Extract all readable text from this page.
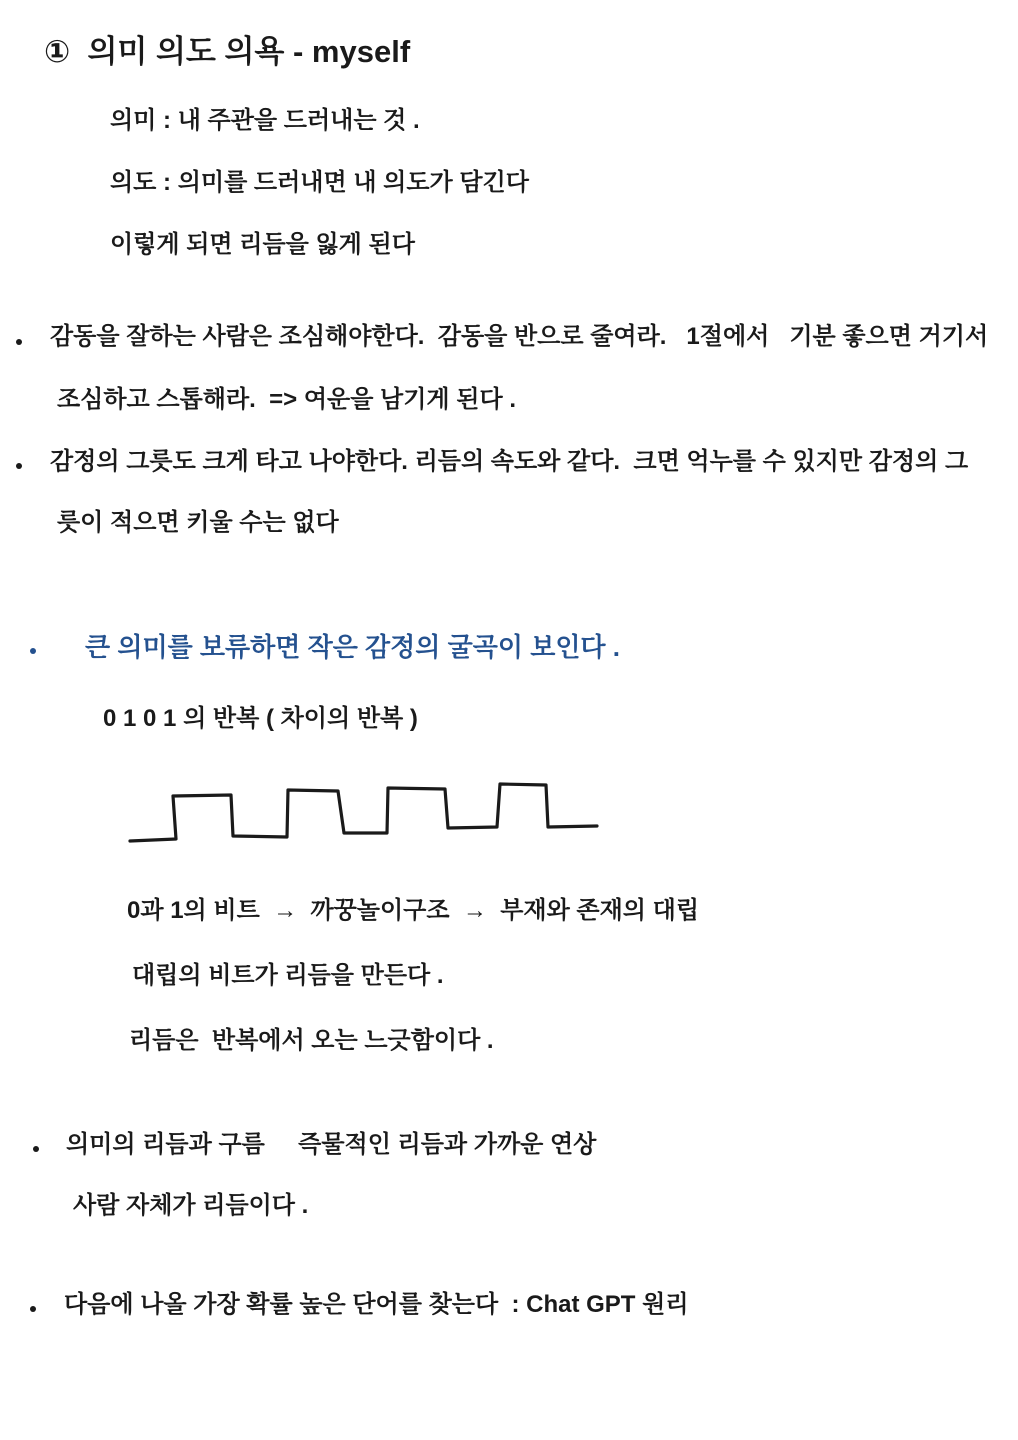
①  의미 의도 의욕 - myself
의미 : 내 주관을 드러내는 것 .
의도 : 의미를 드러내면 내 의도가 담긴다
이렇게 되면 리듬을 잃게 된다
감동을 잘하는 사람은 조심해야한다.  감동을 반으로 줄여라.   1절에서   기분 좋으면 거기서
조심하고 스톱해라.  => 여운을 남기게 된다 .
감정의 그릇도 크게 타고 나야한다. 리듬의 속도와 같다.  크면 억누를 수 있지만 감정의 그
릇이 적으면 키울 수는 없다
큰 의미를 보류하면 작은 감정의 굴곡이 보인다 .
0 1 0 1 의 반복 ( 차이의 반복 )
0과 1의 비트  →  까꿍놀이구조  →  부재와 존재의 대립
대립의 비트가 리듬을 만든다 .
리듬은  반복에서 오는 느긋함이다 .
의미의 리듬과 구름     즉물적인 리듬과 가까운 연상
사람 자체가 리듬이다 .
다음에 나올 가장 확률 높은 단어를 찾는다  : Chat GPT 원리
